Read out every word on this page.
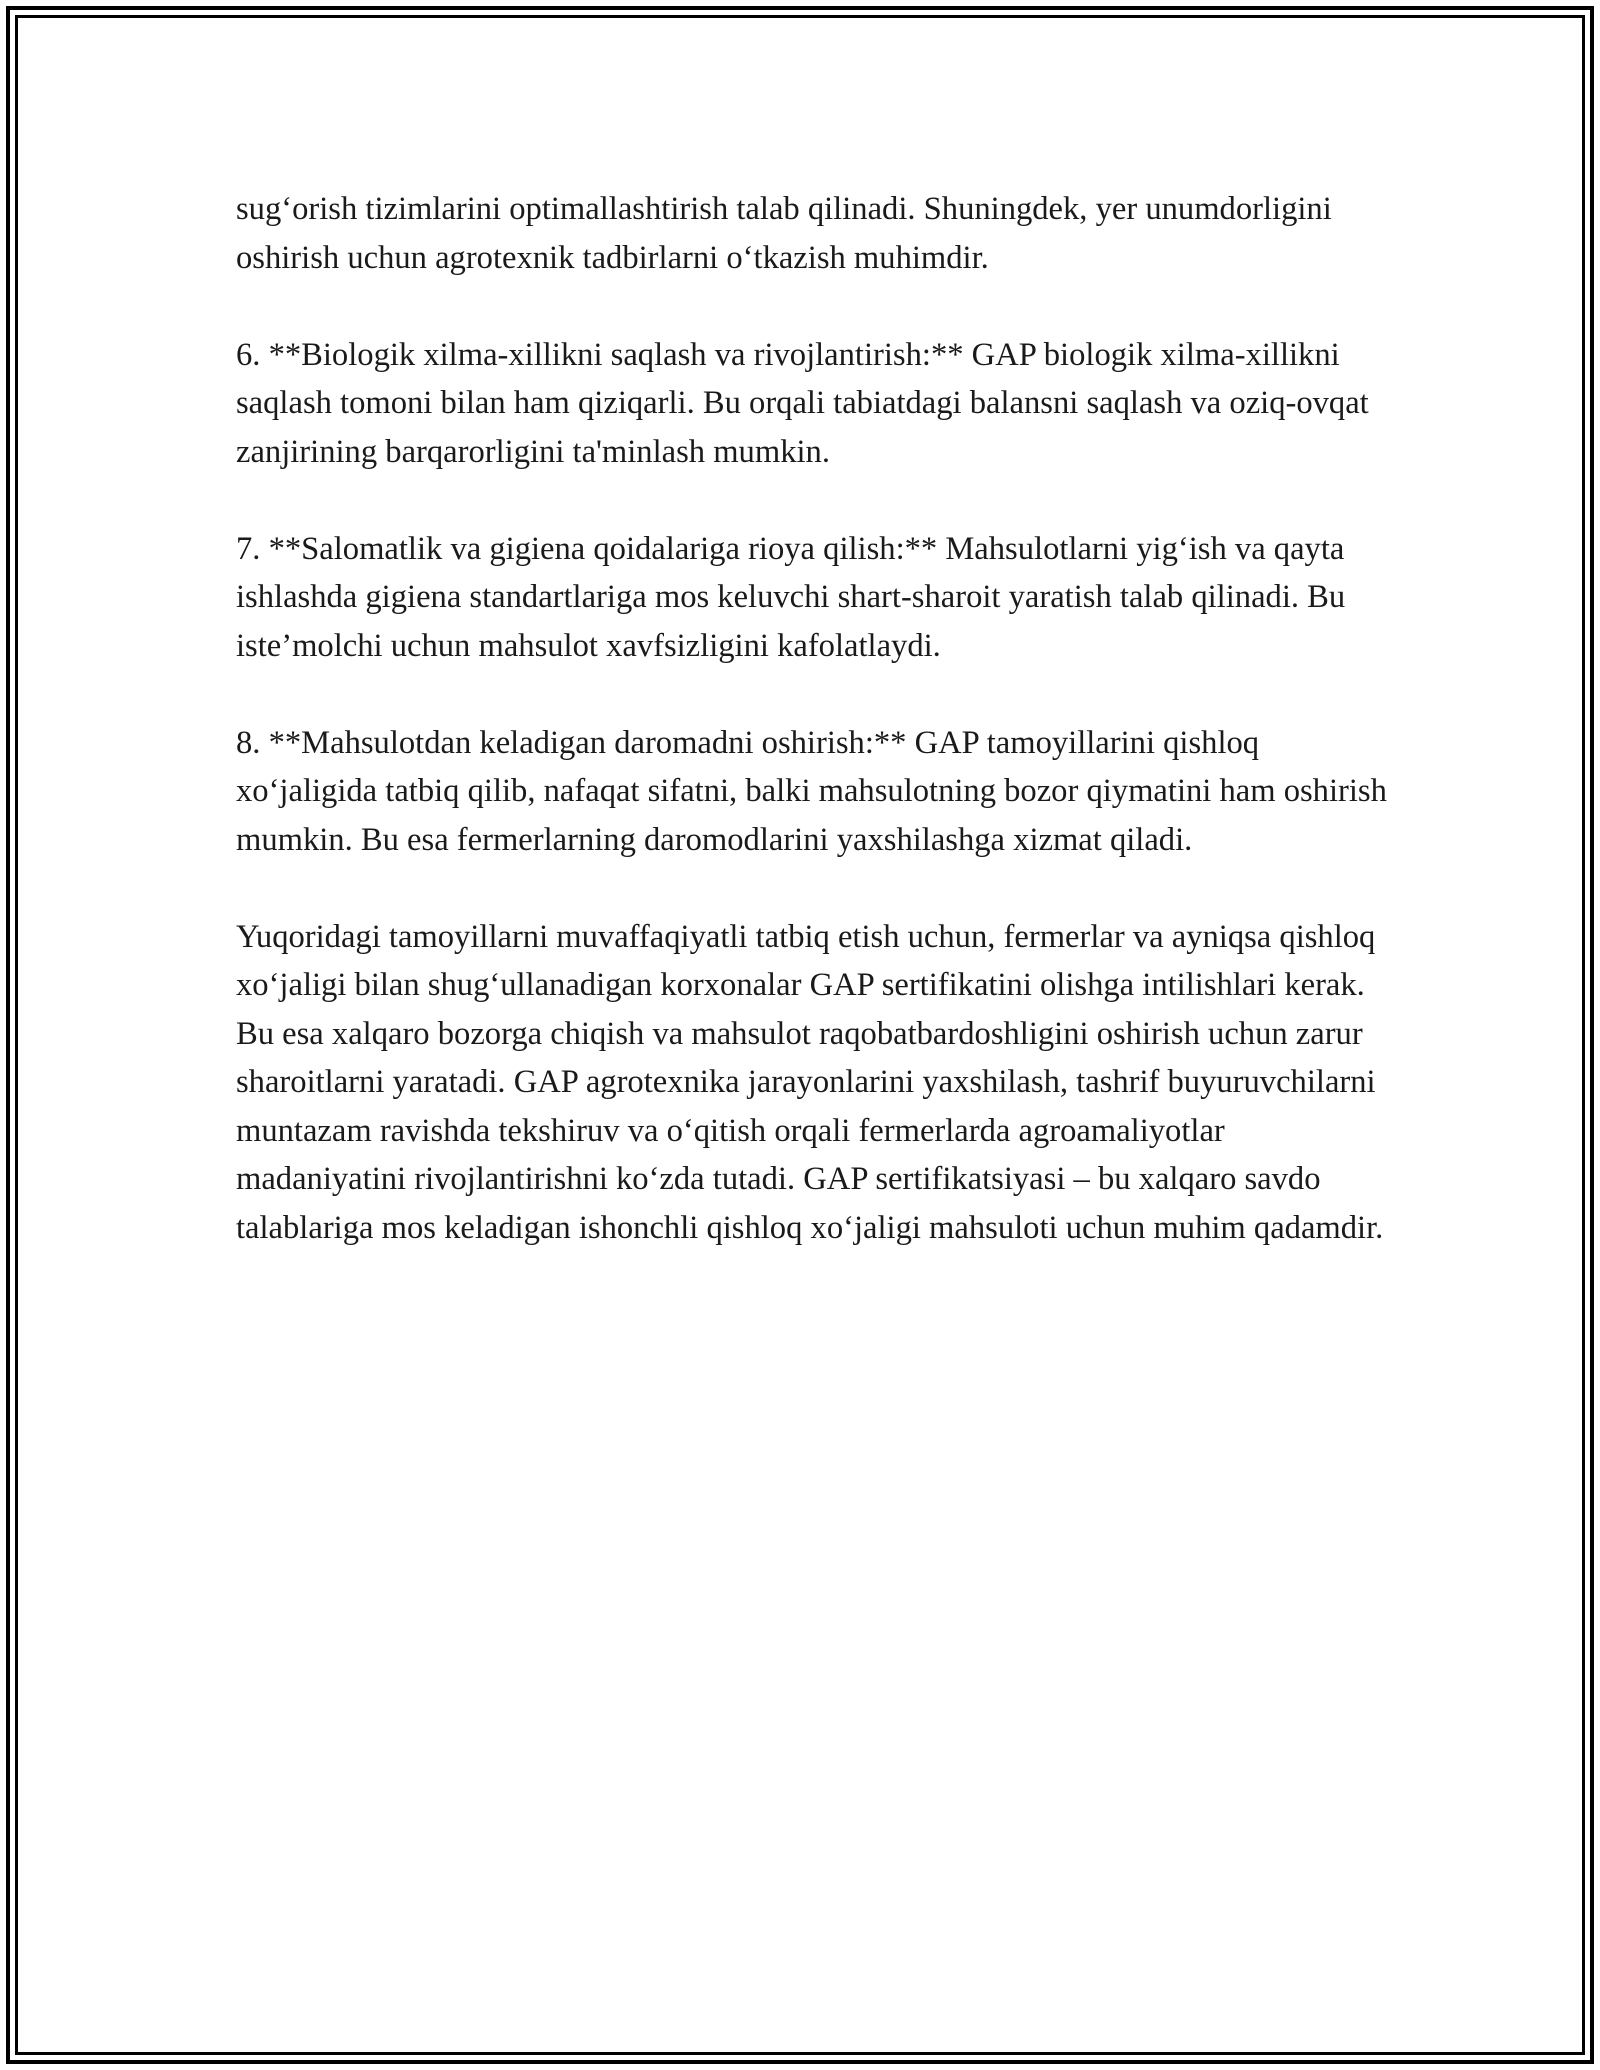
sug‘orish tizimlarini optimallashtirish talab qilinadi. Shuningdek, yer unumdorligini oshirish uchun agrotexnik tadbirlarni o‘tkazish muhimdir.

6. **Biologik xilma-xillikni saqlash va rivojlantirish:** GAP biologik xilma-xillikni saqlash tomoni bilan ham qiziqarli. Bu orqali tabiatdagi balansni saqlash va oziq-ovqat zanjirining barqarorligini ta'minlash mumkin.

7. **Salomatlik va gigiena qoidalariga rioya qilish:** Mahsulotlarni yig‘ish va qayta ishlashda gigiena standartlariga mos keluvchi shart-sharoit yaratish talab qilinadi. Bu iste’molchi uchun mahsulot xavfsizligini kafolatlaydi.

8. **Mahsulotdan keladigan daromadni oshirish:** GAP tamoyillarini qishloq xo‘jaligida tatbiq qilib, nafaqat sifatni, balki mahsulotning bozor qiymatini ham oshirish mumkin. Bu esa fermerlarning daromodlarini yaxshilashga xizmat qiladi.

Yuqoridagi tamoyillarni muvaffaqiyatli tatbiq etish uchun, fermerlar va ayniqsa qishloq xo‘jaligi bilan shug‘ullanadigan korxonalar GAP sertifikatini olishga intilishlari kerak. Bu esa xalqaro bozorga chiqish va mahsulot raqobatbardoshligini oshirish uchun zarur sharoitlarni yaratadi. GAP agrotexnika jarayonlarini yaxshilash, tashrif buyuruvchilarni muntazam ravishda tekshiruv va o‘qitish orqali fermerlarda agroamaliyotlar madaniyatini rivojlantirishni ko‘zda tutadi. GAP sertifikatsiyasi – bu xalqaro savdo talablariga mos keladigan ishonchli qishloq xo‘jaligi mahsuloti uchun muhim qadamdir.
